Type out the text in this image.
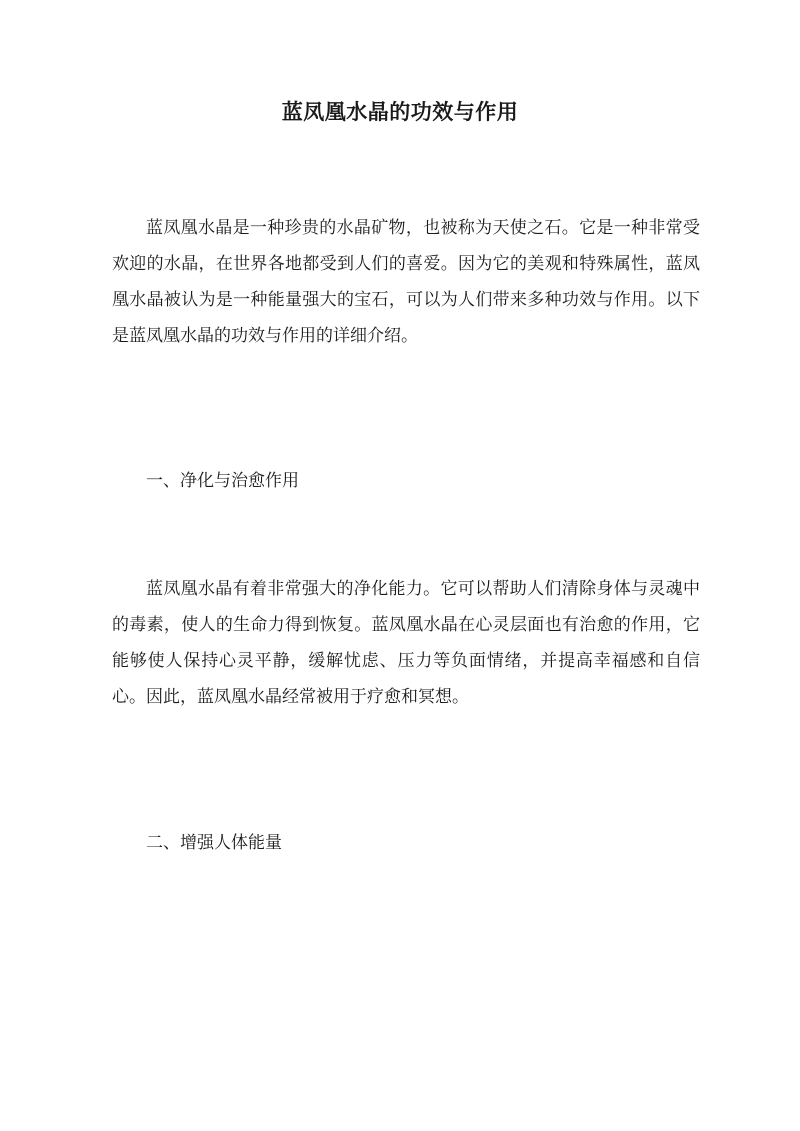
蓝凤凰水晶的功效与作用

蓝凤凰水晶是一种珍贵的水晶矿物，也被称为天使之石。它是一种非常受欢迎的水晶，在世界各地都受到人们的喜爱。因为它的美观和特殊属性，蓝凤凰水晶被认为是一种能量强大的宝石，可以为人们带来多种功效与作用。以下是蓝凤凰水晶的功效与作用的详细介绍。

一、净化与治愈作用

蓝凤凰水晶有着非常强大的净化能力。它可以帮助人们清除身体与灵魂中的毒素，使人的生命力得到恢复。蓝凤凰水晶在心灵层面也有治愈的作用，它能够使人保持心灵平静，缓解忧虑、压力等负面情绪，并提高幸福感和自信心。因此，蓝凤凰水晶经常被用于疗愈和冥想。

二、增强人体能量
